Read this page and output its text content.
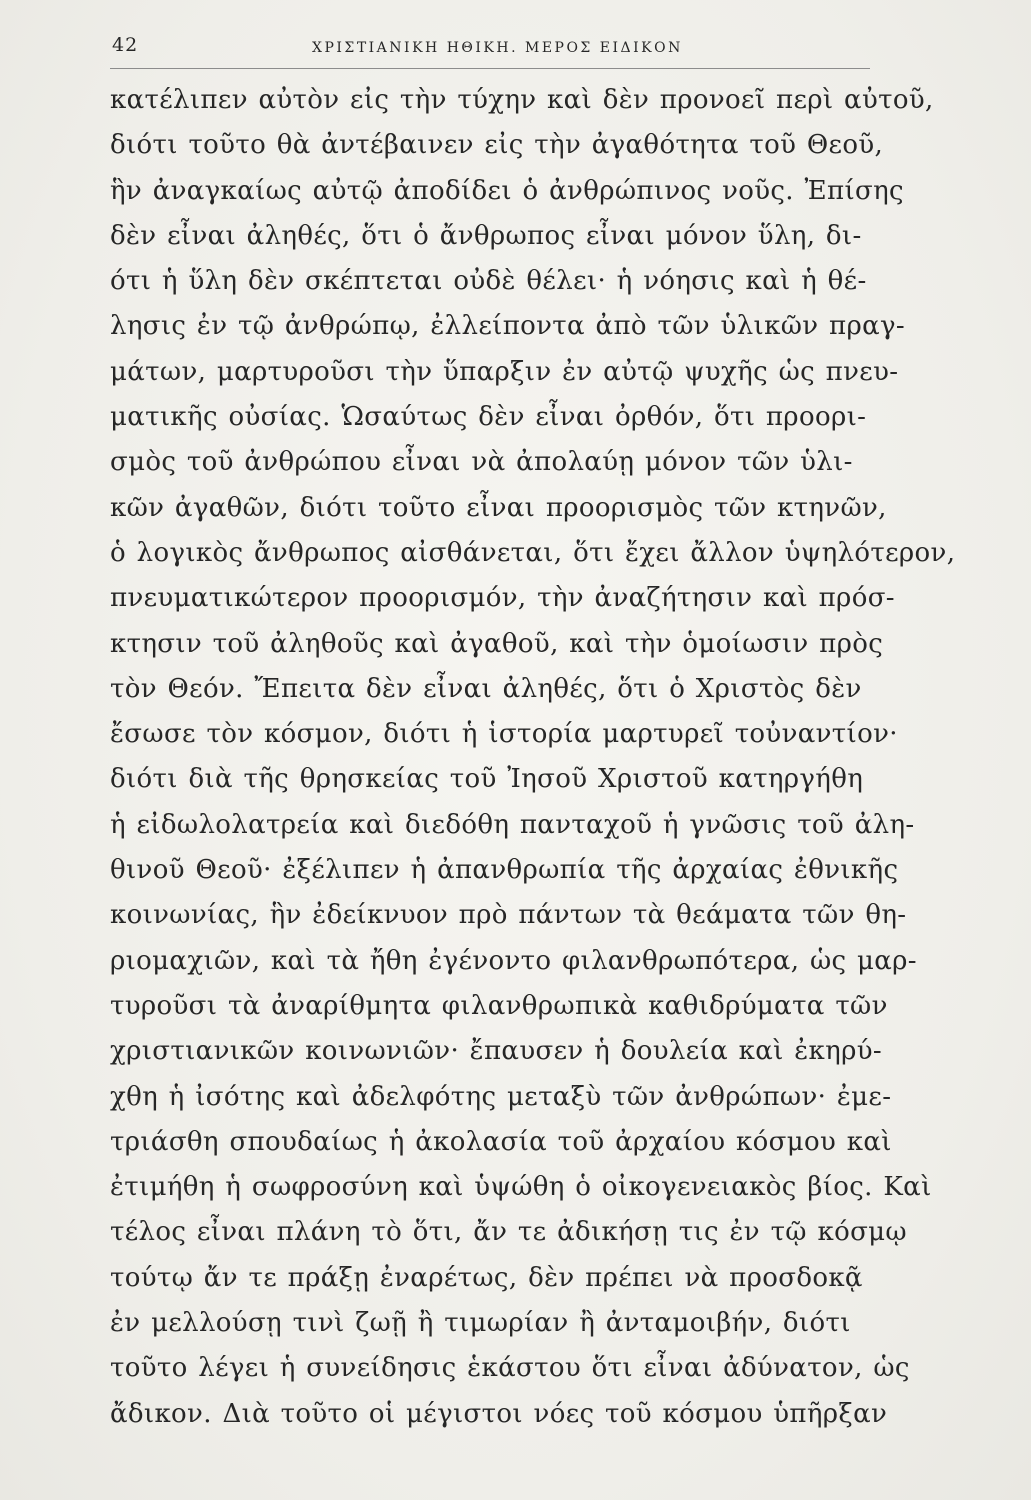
42	ΧΡΙΣΤΙΑΝΙΚΗ ΗΘΙΚΗ. ΜΕΡΟΣ ΕΙΔΙΚΟΝ
κατέλιπεν αὐτὸν εἰς τὴν τύχην καὶ δὲν προνοεῖ περὶ αὐτοῦ,
διότι τοῦτο θὰ ἀντέβαινεν εἰς τὴν ἀγαθότητα τοῦ Θεοῦ,
ἣν ἀναγκαίως αὐτῷ ἀποδίδει ὁ ἀνθρώπινος νοῦς. Ἐπίσης
δὲν εἶναι ἀληθές, ὅτι ὁ ἄνθρωπος εἶναι μόνον ὕλη, δι-
ότι ἡ ὕλη δὲν σκέπτεται οὐδὲ θέλει· ἡ νόησις καὶ ἡ θέ-
λησις ἐν τῷ ἀνθρώπῳ, ἐλλείποντα ἀπὸ τῶν ὑλικῶν πραγ-
μάτων, μαρτυροῦσι τὴν ὕπαρξιν ἐν αὐτῷ ψυχῆς ὡς πνευ-
ματικῆς οὐσίας. Ὡσαύτως δὲν εἶναι ὀρθόν, ὅτι προορι-
σμὸς τοῦ ἀνθρώπου εἶναι νὰ ἀπολαύῃ μόνον τῶν ὑλι-
κῶν ἀγαθῶν, διότι τοῦτο εἶναι προορισμὸς τῶν κτηνῶν,
ὁ λογικὸς ἄνθρωπος αἰσθάνεται, ὅτι ἔχει ἄλλον ὑψηλότερον,
πνευματικώτερον προορισμόν, τὴν ἀναζήτησιν καὶ πρόσ-
κτησιν τοῦ ἀληθοῦς καὶ ἀγαθοῦ, καὶ τὴν ὁμοίωσιν πρὸς
τὸν Θεόν. Ἔπειτα δὲν εἶναι ἀληθές, ὅτι ὁ Χριστὸς δὲν
ἔσωσε τὸν κόσμον, διότι ἡ ἱστορία μαρτυρεῖ τοὐναντίον·
διότι διὰ τῆς θρησκείας τοῦ Ἰησοῦ Χριστοῦ κατηργήθη
ἡ εἰδωλολατρεία καὶ διεδόθη πανταχοῦ ἡ γνῶσις τοῦ ἀλη-
θινοῦ Θεοῦ· ἐξέλιπεν ἡ ἀπανθρωπία τῆς ἀρχαίας ἐθνικῆς
κοινωνίας, ἣν ἐδείκνυον πρὸ πάντων τὰ θεάματα τῶν θη-
ριομαχιῶν, καὶ τὰ ἤθη ἐγένοντο φιλανθρωπότερα, ὡς μαρ-
τυροῦσι τὰ ἀναρίθμητα φιλανθρωπικὰ καθιδρύματα τῶν
χριστιανικῶν κοινωνιῶν· ἔπαυσεν ἡ δουλεία καὶ ἐκηρύ-
χθη ἡ ἰσότης καὶ ἀδελφότης μεταξὺ τῶν ἀνθρώπων· ἐμε-
τριάσθη σπουδαίως ἡ ἀκολασία τοῦ ἀρχαίου κόσμου καὶ
ἐτιμήθη ἡ σωφροσύνη καὶ ὑψώθη ὁ οἰκογενειακὸς βίος. Καὶ
τέλος εἶναι πλάνη τὸ ὅτι, ἄν τε ἀδικήσῃ τις ἐν τῷ κόσμῳ
τούτῳ ἄν τε πράξῃ ἐναρέτως, δὲν πρέπει νὰ προσδοκᾷ
ἐν μελλούσῃ τινὶ ζωῇ ἢ τιμωρίαν ἢ ἀνταμοιβήν, διότι
τοῦτο λέγει ἡ συνείδησις ἑκάστου ὅτι εἶναι ἀδύνατον, ὡς
ἄδικον. Διὰ τοῦτο οἱ μέγιστοι νόες τοῦ κόσμου ὑπῆρξαν
